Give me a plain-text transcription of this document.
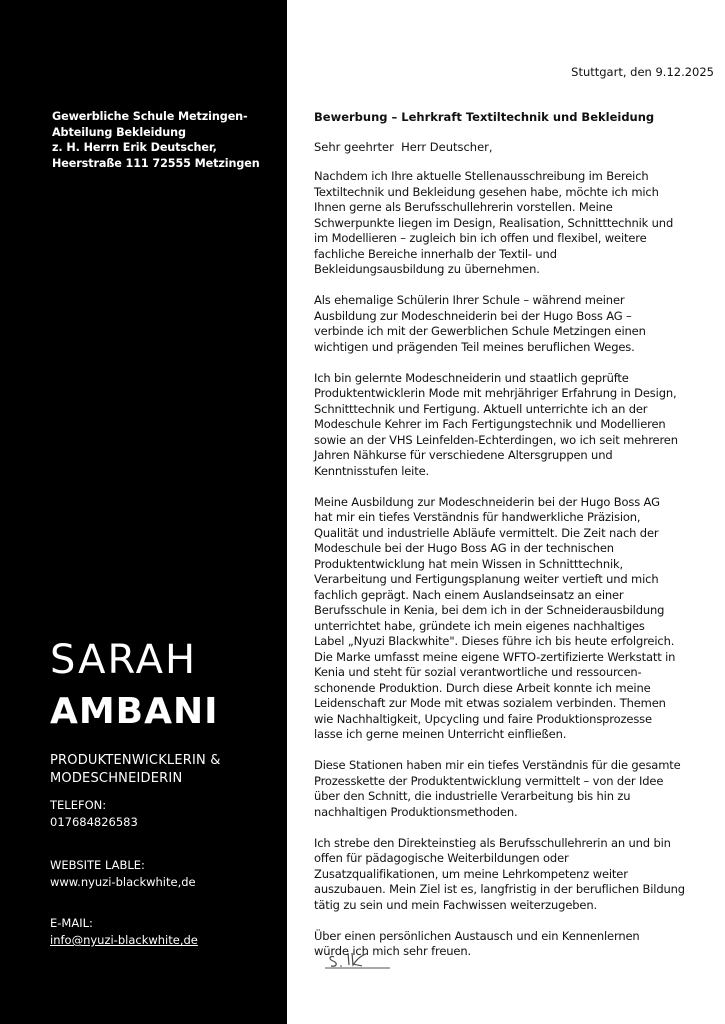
Gewerbliche Schule Metzingen-
Abteilung Bekleidung
z. H. Herrn Erik Deutscher,
Heerstraße 111 72555 Metzingen
SARAH
AMBANI
PRODUKTENWICKLERIN &
MODESCHNEIDERIN
TELEFON:
017684826583
WEBSITE LABLE:
www.nyuzi-blackwhite,de
E-MAIL:
info@nyuzi-blackwhite,de
Stuttgart, den 9.12.2025
Bewerbung – Lehrkraft Textiltechnik und Bekleidung
Sehr geehrter  Herr Deutscher,

Nachdem ich Ihre aktuelle Stellenausschreibung im Bereich
Textiltechnik und Bekleidung gesehen habe, möchte ich mich
Ihnen gerne als Berufsschullehrerin vorstellen. Meine
Schwerpunkte liegen im Design, Realisation, Schnitttechnik und
im Modellieren – zugleich bin ich offen und flexibel, weitere
fachliche Bereiche innerhalb der Textil- und
Bekleidungsausbildung zu übernehmen.

Als ehemalige Schülerin Ihrer Schule – während meiner
Ausbildung zur Modeschneiderin bei der Hugo Boss AG –
verbinde ich mit der Gewerblichen Schule Metzingen einen
wichtigen und prägenden Teil meines beruflichen Weges.

Ich bin gelernte Modeschneiderin und staatlich geprüfte
Produktentwicklerin Mode mit mehrjähriger Erfahrung in Design,
Schnitttechnik und Fertigung. Aktuell unterrichte ich an der
Modeschule Kehrer im Fach Fertigungstechnik und Modellieren
sowie an der VHS Leinfelden-Echterdingen, wo ich seit mehreren
Jahren Nähkurse für verschiedene Altersgruppen und
Kenntnisstufen leite.

Meine Ausbildung zur Modeschneiderin bei der Hugo Boss AG
hat mir ein tiefes Verständnis für handwerkliche Präzision,
Qualität und industrielle Abläufe vermittelt. Die Zeit nach der
Modeschule bei der Hugo Boss AG in der technischen
Produktentwicklung hat mein Wissen in Schnitttechnik,
Verarbeitung und Fertigungsplanung weiter vertieft und mich
fachlich geprägt. Nach einem Auslandseinsatz an einer
Berufsschule in Kenia, bei dem ich in der Schneiderausbildung
unterrichtet habe, gründete ich mein eigenes nachhaltiges
Label „Nyuzi Blackwhite". Dieses führe ich bis heute erfolgreich.
Die Marke umfasst meine eigene WFTO-zertifizierte Werkstatt in
Kenia und steht für sozial verantwortliche und ressourcen-
schonende Produktion. Durch diese Arbeit konnte ich meine
Leidenschaft zur Mode mit etwas sozialem verbinden. Themen
wie Nachhaltigkeit, Upcycling und faire Produktionsprozesse
lasse ich gerne meinen Unterricht einfließen.

Diese Stationen haben mir ein tiefes Verständnis für die gesamte
Prozesskette der Produktentwicklung vermittelt – von der Idee
über den Schnitt, die industrielle Verarbeitung bis hin zu
nachhaltigen Produktionsmethoden.

Ich strebe den Direkteinstieg als Berufsschullehrerin an und bin
offen für pädagogische Weiterbildungen oder
Zusatzqualifikationen, um meine Lehrkompetenz weiter
auszubauen. Mein Ziel ist es, langfristig in der beruflichen Bildung
tätig zu sein und mein Fachwissen weiterzugeben.

Über einen persönlichen Austausch und ein Kennenlernen
würde ich mich sehr freuen.
